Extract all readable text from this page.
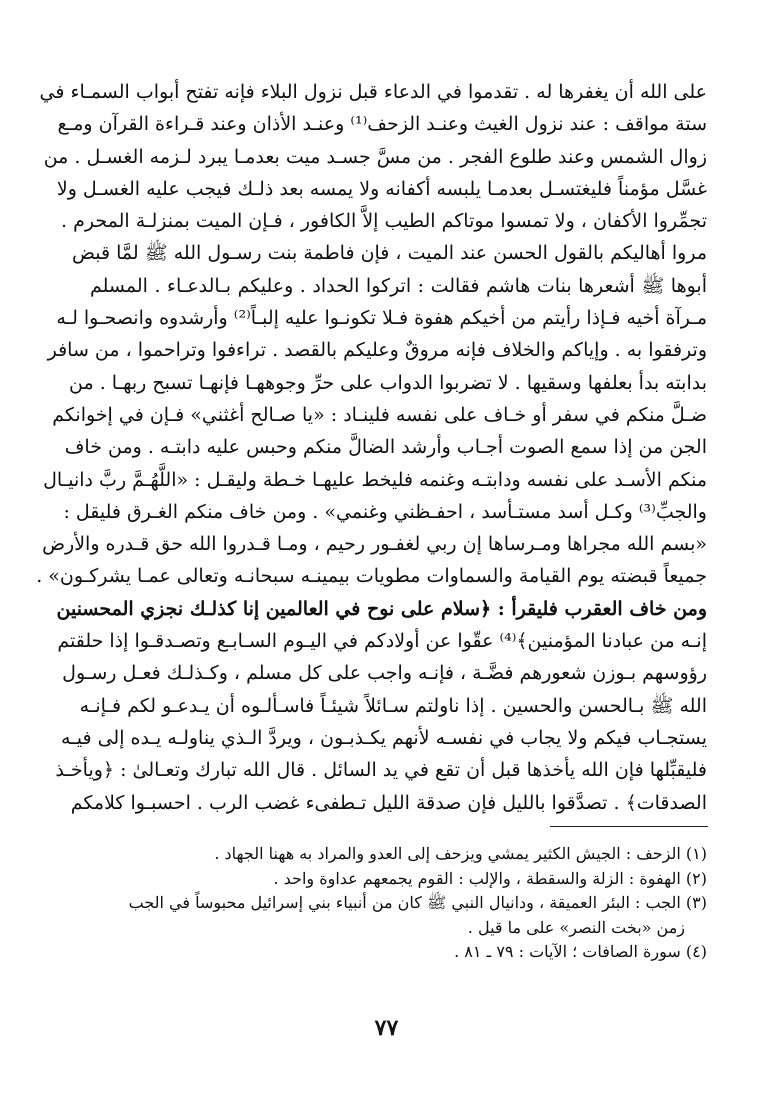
على الله أن يغفرها له . تقدموا في الدعاء قبل نزول البلاء فإنه تفتح أبواب السمـاء في
ستة مواقف : عند نزول الغيث وعنـد الزحف⁽¹⁾ وعنـد الأذان وعند قـراءة القرآن ومـع
زوال الشمس وعند طلوع الفجر . من مسَّ جسـد ميت بعدمـا يبرد لـزمه الغسـل . من
غسَّل مؤمناً فليغتسـل بعدمـا يلبسه أكفانه ولا يمسه بعد ذلـك فيجب عليه الغسـل ولا
تجمِّروا الأكفان ، ولا تمسوا موتاكم الطيب إلاَّ الكافور ، فـإن الميت بمنزلـة المحرم .
مروا أهاليكم بالقول الحسن عند الميت ، فإن فاطمة بنت رسـول الله ﷺ لمَّا قبض
أبوها ﷺ أشعرها بنات هاشم فقالت : اتركوا الحداد . وعليكم بـالدعـاء . المسلم
مـرآة أخيه فـإذا رأيتم من أخيكم هفوة فـلا تكونـوا عليه إلبـاً⁽²⁾ وأرشدوه وانصحـوا لـه
وترفقوا به . وإياكم والخلاف فإنه مروقٌ وعليكم بالقصد . تراءفوا وتراحموا ، من سافر
بدابته بدأ بعلفها وسقيها . لا تضربوا الدواب على حرِّ وجوههـا فإنهـا تسبح ربهـا . من
ضـلَّ منكم في سفر أو خـاف على نفسه فلينـاد : «يا صـالح أغثني» فـإن في إخوانكم
الجن من إذا سمع الصوت أجـاب وأرشد الضالَّ منكم وحبس عليه دابتـه . ومن خاف
منكم الأسـد على نفسه ودابتـه وغنمه فليخط عليهـا خـطة وليقـل : «اللَّهُـمَّ ربَّ دانيـال
والجبِّ⁽³⁾ وكـل أسد مستـأسد ، احفـظني وغنمي» . ومن خاف منكم الغـرق فليقل :
«بسم الله مجراها ومـرساها إن ربي لغفـور رحيم ، ومـا قـدروا الله حق قـدره والأرض
جميعاً قبضته يوم القيامة والسماوات مطويات بيمينـه سبحانـه وتعالى عمـا يشركـون» .
ومن خاف العقرب فليقرأ : ﴿سلام على نوح في العالمين إنا كذلـك نجزي المحسنين
إنـه من عبادنا المؤمنين﴾⁽⁴⁾ عقّوا عن أولادكم في اليـوم السـابـع وتصـدقـوا إذا حلقتم
رؤوسهم بـوزن شعورهم فضَّـة ، فإنـه واجب على كل مسلم ، وكـذلـك فعـل رسـول
الله ﷺ بـالحسن والحسين . إذا ناولتم سـائلاً شيئـاً فاسـألـوه أن يـدعـو لكم فـإنـه
يستجـاب فيكم ولا يجاب في نفسـه لأنهم يكـذبـون ، ويردَّ الـذي يناولـه يـده إلى فيـه
فليقبِّلها فإن الله يأخذها قبل أن تقع في يد السائل . قال الله تبارك وتعـالىٰ : ﴿ويأخـذ
الصدقات﴾ . تصدَّقوا بالليل فإن صدقة الليل تـطفىء غضب الرب . احسبـوا كلامكم
(١) الزحف : الجيش الكثير يمشي ويزحف إلى العدو والمراد به ههنا الجهاد .
(٢) الهفوة : الزلة والسقطة ، والإلب : القوم يجمعهم عداوة واحد .
(٣) الجب : البئر العميقة ، ودانيال النبي ﷺ كان من أنبياء بني إسرائيل محبوساً في الجب
زمن «بخت النصر» على ما قيل .
(٤) سورة الصافات ؛ الآيات : ٧٩ ـ ٨١ .
٧٧
